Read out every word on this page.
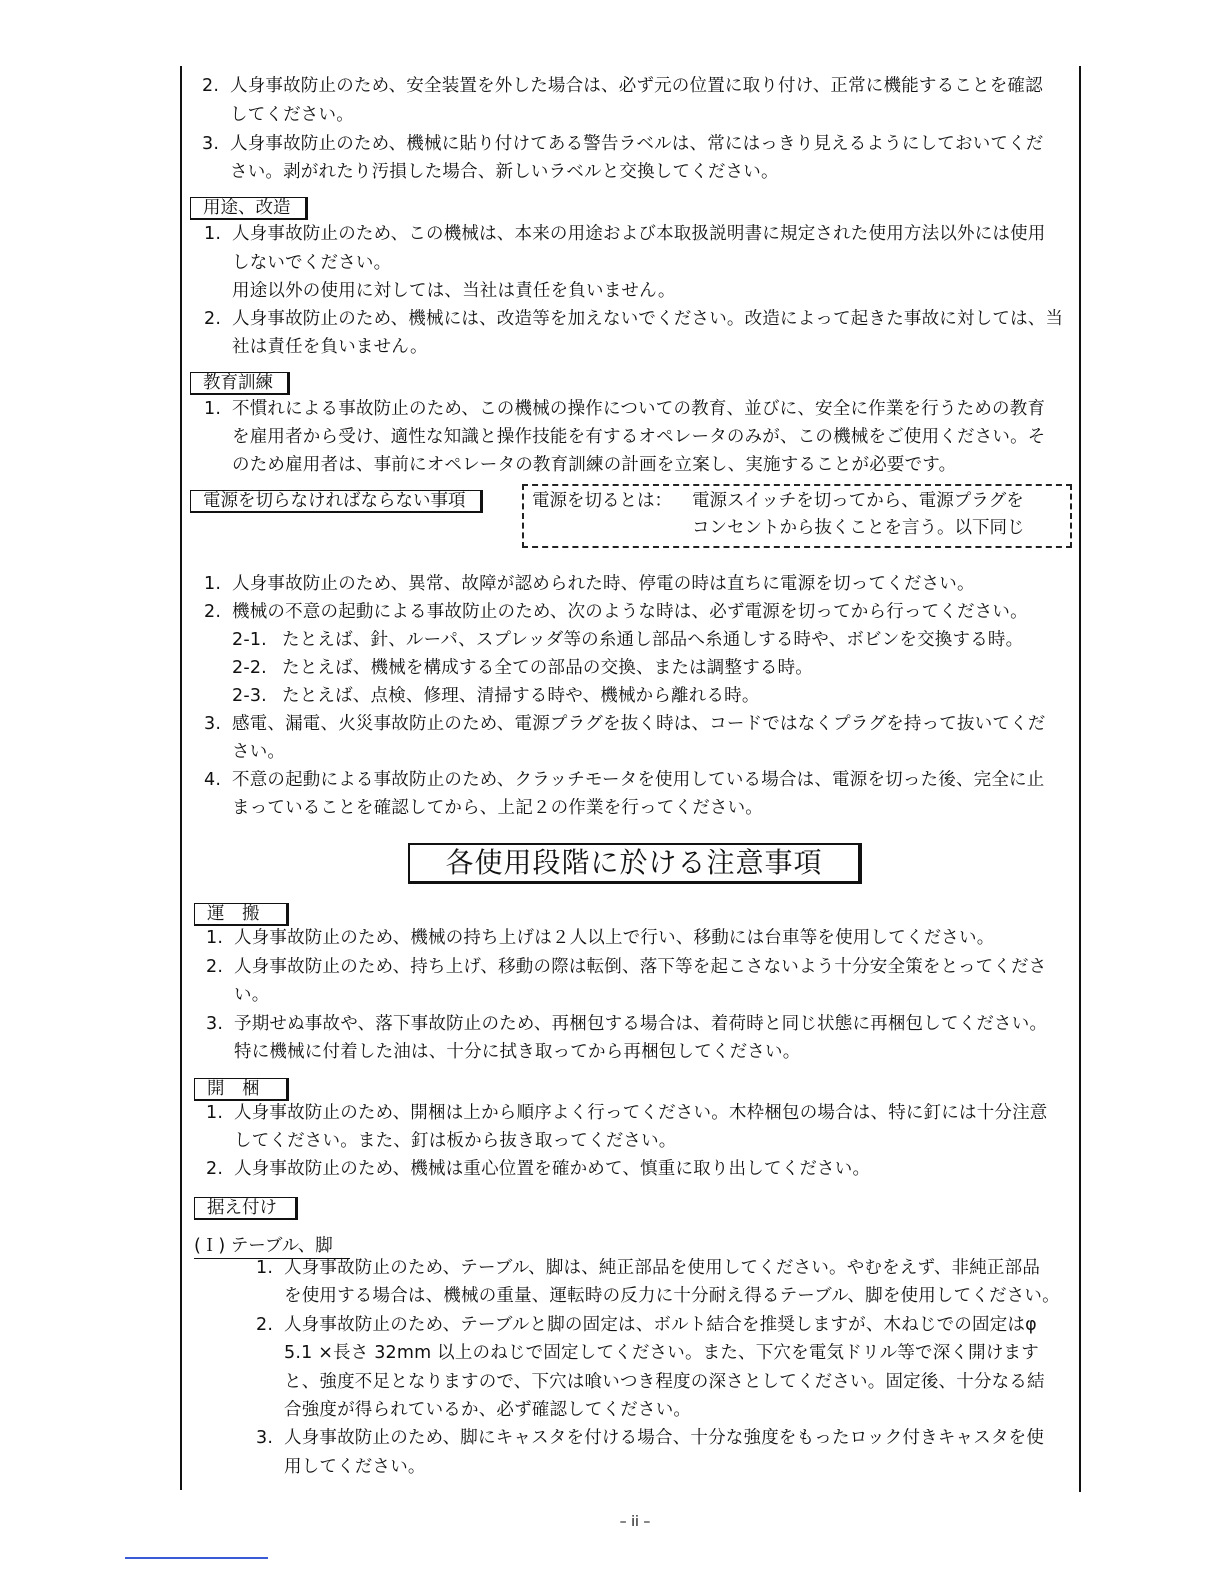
2. 人身事故防止のため、安全装置を外した場合は、必ず元の位置に取り付け、正常に機能することを確認
してください。
3. 人身事故防止のため、機械に貼り付けてある警告ラベルは、常にはっきり見えるようにしておいてくだ
さい。剥がれたり汚損した場合、新しいラベルと交換してください。
用途、改造
1. 人身事故防止のため、この機械は、本来の用途および本取扱説明書に規定された使用方法以外には使用
しないでください。
用途以外の使用に対しては、当社は責任を負いません。
2. 人身事故防止のため、機械には、改造等を加えないでください。改造によって起きた事故に対しては、当
社は責任を負いません。
教育訓練
1. 不慣れによる事故防止のため、この機械の操作についての教育、並びに、安全に作業を行うための教育
を雇用者から受け、適性な知識と操作技能を有するオペレータのみが、この機械をご使用ください。そ
のため雇用者は、事前にオペレータの教育訓練の計画を立案し、実施することが必要です。
電源を切らなければならない事項	電源を切るとは： 電源スイッチを切ってから、電源プラグを
コンセントから抜くことを言う。以下同じ
1. 人身事故防止のため、異常、故障が認められた時、停電の時は直ちに電源を切ってください。
2. 機械の不意の起動による事故防止のため、次のような時は、必ず電源を切ってから行ってください。
2-1. たとえば、針、ルーパ、スプレッダ等の糸通し部品へ糸通しする時や、ボビンを交換する時。
2-2. たとえば、機械を構成する全ての部品の交換、または調整する時。
2-3. たとえば、点検、修理、清掃する時や、機械から離れる時。
3. 感電、漏電、火災事故防止のため、電源プラグを抜く時は、コードではなくプラグを持って抜いてくだ
さい。
4. 不意の起動による事故防止のため、クラッチモータを使用している場合は、電源を切った後、完全に止
まっていることを確認してから、上記２の作業を行ってください。
各使用段階に於ける注意事項
運　搬
1. 人身事故防止のため、機械の持ち上げは２人以上で行い、移動には台車等を使用してください。
2. 人身事故防止のため、持ち上げ、移動の際は転倒、落下等を起こさないよう十分安全策をとってくださ
い。
3. 予期せぬ事故や、落下事故防止のため、再梱包する場合は、着荷時と同じ状態に再梱包してください。
特に機械に付着した油は、十分に拭き取ってから再梱包してください。
開　梱
1. 人身事故防止のため、開梱は上から順序よく行ってください。木枠梱包の場合は、特に釘には十分注意
してください。また、釘は板から抜き取ってください。
2. 人身事故防止のため、機械は重心位置を確かめて、慎重に取り出してください。
据え付け
(Ｉ) テーブル、脚
1. 人身事故防止のため、テーブル、脚は、純正部品を使用してください。やむをえず、非純正部品
を使用する場合は、機械の重量、運転時の反力に十分耐え得るテーブル、脚を使用してください。
2. 人身事故防止のため、テーブルと脚の固定は、ボルト結合を推奨しますが、木ねじでの固定はφ
5.1 ×長さ 32mm 以上のねじで固定してください。また、下穴を電気ドリル等で深く開けます
と、強度不足となりますので、下穴は喰いつき程度の深さとしてください。固定後、十分なる結
合強度が得られているか、必ず確認してください。
3. 人身事故防止のため、脚にキャスタを付ける場合、十分な強度をもったロック付きキャスタを使
用してください。
– ii –
